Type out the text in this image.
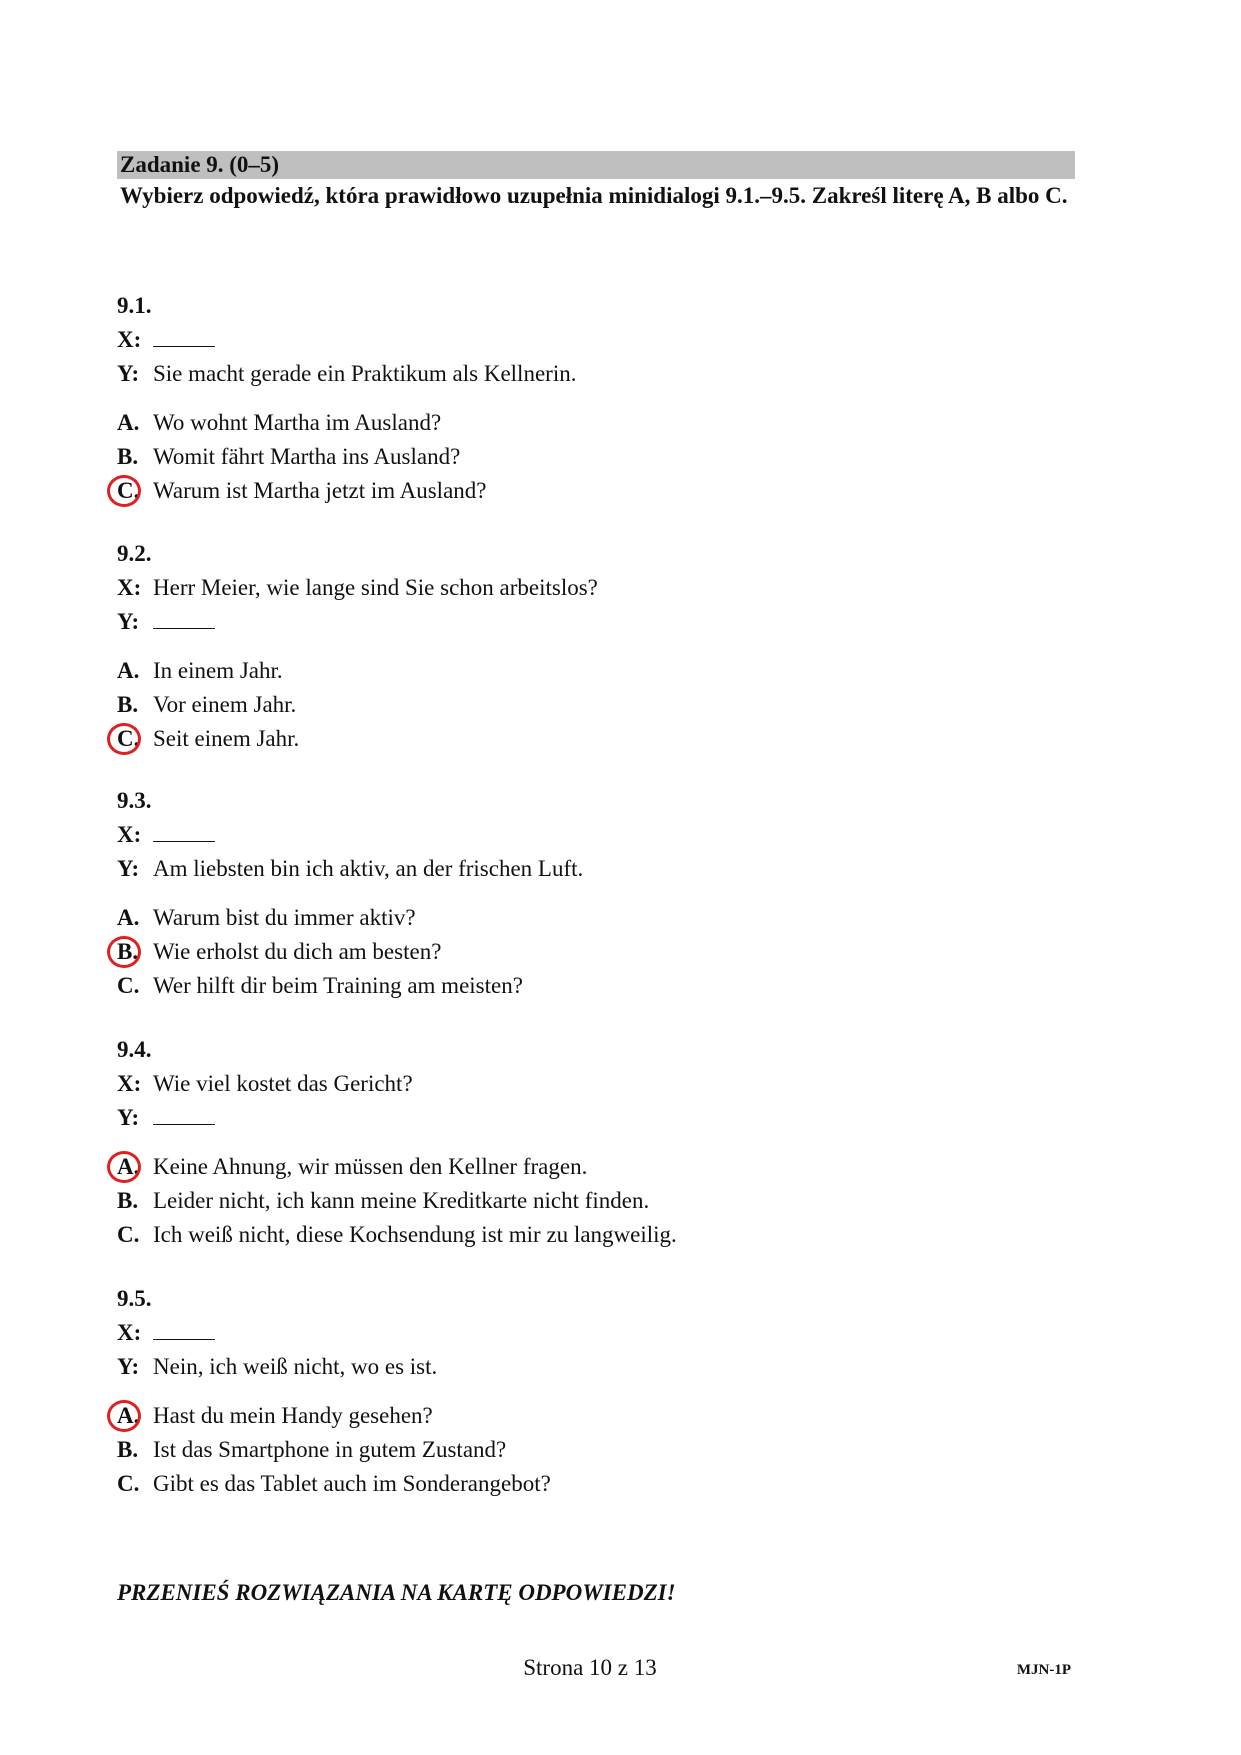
Zadanie 9. (0–5)
Wybierz odpowiedź, która prawidłowo uzupełnia minidialogi 9.1.–9.5. Zakreśl literę A, B albo C.
9.1.
X:
Y: Sie macht gerade ein Praktikum als Kellnerin.
A. Wo wohnt Martha im Ausland?
B. Womit fährt Martha ins Ausland?
C. Warum ist Martha jetzt im Ausland?
9.2.
X: Herr Meier, wie lange sind Sie schon arbeitslos?
Y:
A. In einem Jahr.
B. Vor einem Jahr.
C. Seit einem Jahr.
9.3.
X:
Y: Am liebsten bin ich aktiv, an der frischen Luft.
A. Warum bist du immer aktiv?
B. Wie erholst du dich am besten?
C. Wer hilft dir beim Training am meisten?
9.4.
X: Wie viel kostet das Gericht?
Y:
A. Keine Ahnung, wir müssen den Kellner fragen.
B. Leider nicht, ich kann meine Kreditkarte nicht finden.
C. Ich weiß nicht, diese Kochsendung ist mir zu langweilig.
9.5.
X:
Y: Nein, ich weiß nicht, wo es ist.
A. Hast du mein Handy gesehen?
B. Ist das Smartphone in gutem Zustand?
C. Gibt es das Tablet auch im Sonderangebot?
PRZENIEŚ ROZWIĄZANIA NA KARTĘ ODPOWIEDZI!
Strona 10 z 13	MJN-1P
